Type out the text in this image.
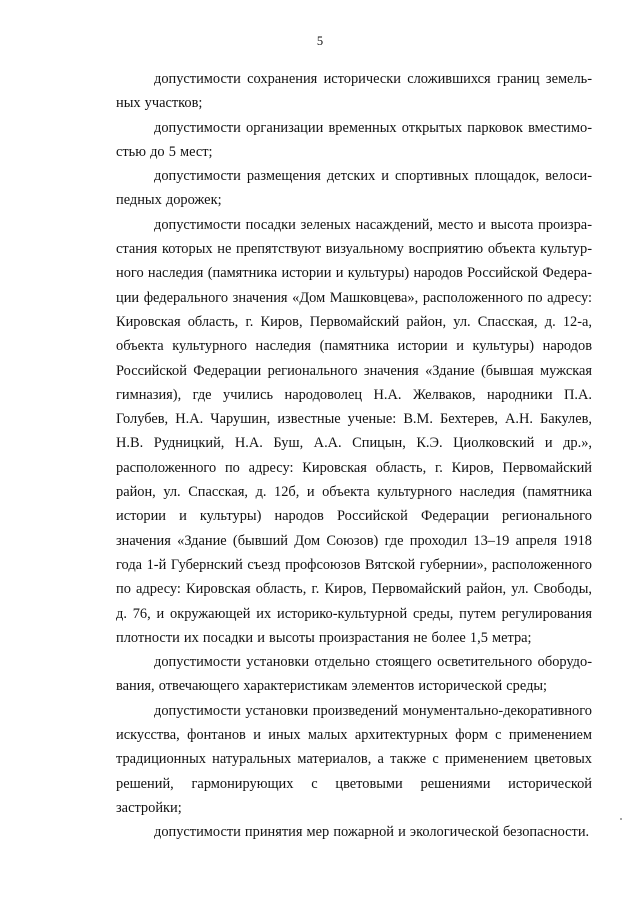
5

допустимости сохранения исторически сложившихся границ земельных участков;

допустимости организации временных открытых парковок вместимостью до 5 мест;

допустимости размещения детских и спортивных площадок, велосипедных дорожек;

допустимости посадки зеленых насаждений, место и высота произрастания которых не препятствуют визуальному восприятию объекта культурного наследия (памятника истории и культуры) народов Российской Федерации федерального значения «Дом Машковцева», расположенного по адресу: Кировская область, г. Киров, Первомайский район, ул. Спасская, д. 12-а, объекта культурного наследия (памятника истории и культуры) народов Российской Федерации регионального значения «Здание (бывшая мужская гимназия), где учились народоволец Н.А. Желваков, народники П.А. Голубев, Н.А. Чарушин, известные ученые: В.М. Бехтерев, А.Н. Бакулев, Н.В. Рудницкий, Н.А. Буш, А.А. Спицын, К.Э. Циолковский и др.», расположенного по адресу: Кировская область, г. Киров, Первомайский район, ул. Спасская, д. 12б, и объекта культурного наследия (памятника истории и культуры) народов Российской Федерации регионального значения «Здание (бывший Дом Союзов) где проходил 13–19 апреля 1918 года 1-й Губернский съезд профсоюзов Вятской губернии», расположенного по адресу: Кировская область, г. Киров, Первомайский район, ул. Свободы, д. 76, и окружающей их историко-культурной среды, путем регулирования плотности их посадки и высоты произрастания не более 1,5 метра;

допустимости установки отдельно стоящего осветительного оборудования, отвечающего характеристикам элементов исторической среды;

допустимости установки произведений монументально-декоративного искусства, фонтанов и иных малых архитектурных форм с применением традиционных натуральных материалов, а также с применением цветовых решений, гармонирующих с цветовыми решениями исторической застройки;

допустимости принятия мер пожарной и экологической безопасности.
